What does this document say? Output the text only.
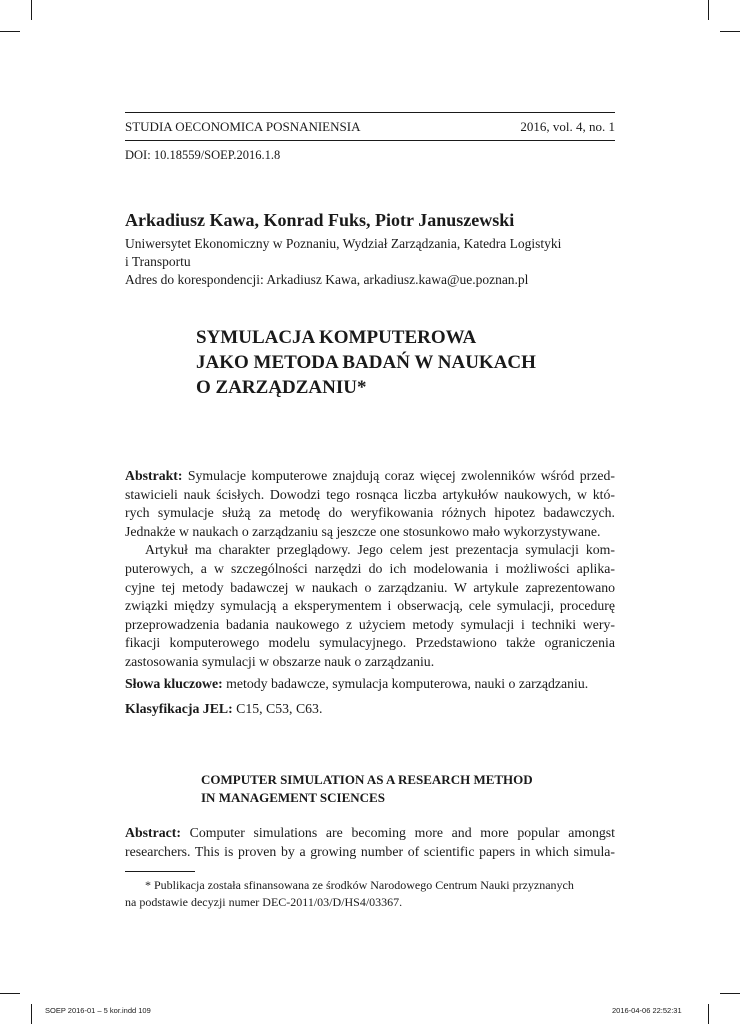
STUDIA OECONOMICA POSNANIENSIA	2016, vol. 4, no. 1
DOI: 10.18559/SOEP.2016.1.8
Arkadiusz Kawa, Konrad Fuks, Piotr Januszewski
Uniwersytet Ekonomiczny w Poznaniu, Wydział Zarządzania, Katedra Logistyki
i Transportu
Adres do korespondencji: Arkadiusz Kawa, arkadiusz.kawa@ue.poznan.pl
SYMULACJA KOMPUTEROWA
JAKO METODA BADAŃ W NAUKACH
O ZARZĄDZANIU*
Abstrakt: Symulacje komputerowe znajdują coraz więcej zwolenników wśród przed-
stawicieli nauk ścisłych. Dowodzi tego rosnąca liczba artykułów naukowych, w któ-
rych symulacje służą za metodę do weryfikowania różnych hipotez badawczych.
Jednakże w naukach o zarządzaniu są jeszcze one stosunkowo mało wykorzystywane.
Artykuł ma charakter przeglądowy. Jego celem jest prezentacja symulacji kom-
puterowych, a w szczególności narzędzi do ich modelowania i możliwości aplika-
cyjne tej metody badawczej w naukach o zarządzaniu. W artykule zaprezentowano
związki między symulacją a eksperymentem i obserwacją, cele symulacji, procedurę
przeprowadzenia badania naukowego z użyciem metody symulacji i techniki wery-
fikacji komputerowego modelu symulacyjnego. Przedstawiono także ograniczenia
zastosowania symulacji w obszarze nauk o zarządzaniu.
Słowa kluczowe: metody badawcze, symulacja komputerowa, nauki o zarządzaniu.
Klasyfikacja JEL: C15, C53, C63.
COMPUTER SIMULATION AS A RESEARCH METHOD
IN MANAGEMENT SCIENCES
Abstract: Computer simulations are becoming more and more popular amongst
researchers. This is proven by a growing number of scientific papers in which simula-
* Publikacja została sfinansowana ze środków Narodowego Centrum Nauki przyznanych
na podstawie decyzji numer DEC-2011/03/D/HS4/03367.
SOEP 2016-01 – 5 kor.indd 109	2016-04-06 22:52:31
